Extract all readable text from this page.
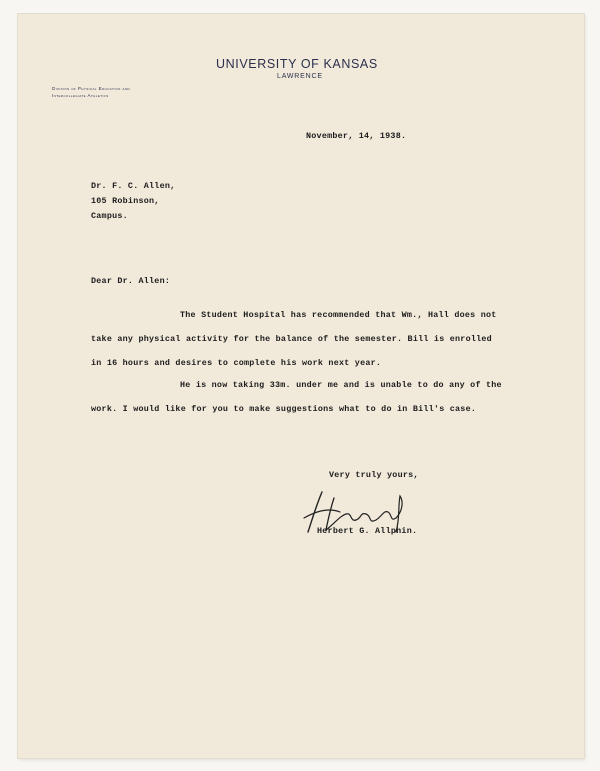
UNIVERSITY OF KANSAS
LAWRENCE
Division of Physical Education and
Intercollegiate Athletics
November, 14, 1938.
Dr. F. C. Allen,
105 Robinson,
Campus.
Dear Dr. Allen:
The Student Hospital has recommended that Wm., Hall does not
take any physical activity for the balance of the semester. Bill is enrolled
in 16 hours and desires to complete his work next year.
He is now taking 33m. under me and is unable to do any of the
work. I would like for you to make suggestions what to do in Bill's case.
Very truly yours,
Herbert G. Allphin.
